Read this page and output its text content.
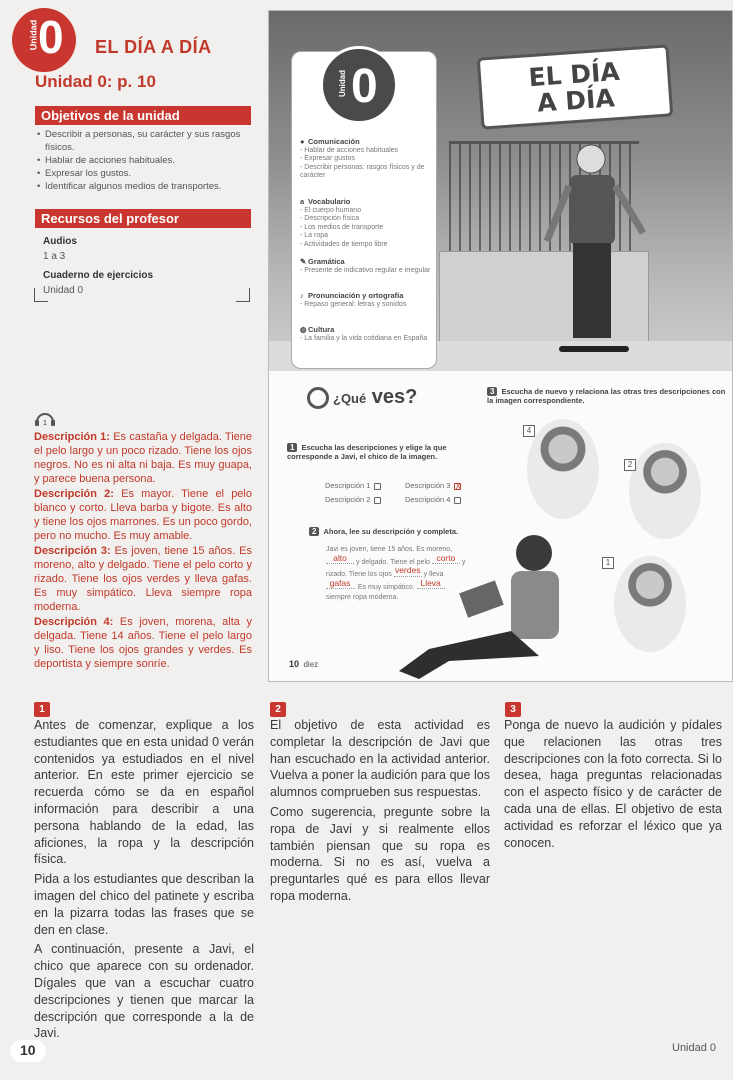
Unidad 0 EL DÍA A DÍA
Unidad 0: p. 10
Objetivos de la unidad
• Describir a personas, su carácter y sus rasgos físicos.
• Hablar de acciones habituales.
• Expresar los gustos.
• Identificar algunos medios de transportes.
Recursos del profesor
Audios
1 a 3
Cuaderno de ejercicios
Unidad 0
1

Descripción 1: Es castaña y delgada. Tiene el pelo largo y un poco rizado. Tiene los ojos negros. No es ni alta ni baja. Es muy guapa, y parece buena persona.

Descripción 2: Es mayor. Tiene el pelo blanco y corto. Lleva barba y bigote. Es alto y tiene los ojos marrones. Es un poco gordo, pero no mucho. Es muy amable.

Descripción 3: Es joven, tiene 15 años. Es moreno, alto y delgado. Tiene el pelo corto y rizado. Tiene los ojos verdes y lleva gafas. Es muy simpático. Lleva siempre ropa moderna.

Descripción 4: Es joven, morena, alta y delgada. Tiene 14 años. Tiene el pelo largo y liso. Tiene los ojos grandes y verdes. Es deportista y siempre sonríe.

EL DÍA
A DÍA
Unidad 0
● Comunicación
- Hablar de acciones habituales
- Expresar gustos
- Describir personas: rasgos físicos y de carácter
a Vocabulario
- El cuerpo humano
- Descripción física
- Los medios de transporte
- La ropa
- Actividades de tiempo libre
✎ Gramática
- Presente de indicativo regular e irregular
♪ Pronunciación y ortografía
- Repaso general: letras y sonidos
◍Cultura
- La familia y la vida cotidiana en España
¿Qué ves?
1 Escucha las descripciones y elige la que corresponde a Javi, el chico de la imagen.
Descripción 1	Descripción 3 X
Descripción 2	Descripción 4
2 Ahora, lee su descripción y completa.
Javi es joven, tiene 15 años. Es moreno, alto y delgado. Tiene el pelo corto y rizado. Tiene los ojos verdes y lleva gafas . Es muy simpático. Lleva siempre ropa moderna.
3 Escucha de nuevo y relaciona las otras tres descripciones con la imagen correspondiente.
4
2
1
10 diez
1

Antes de comenzar, explique a los estudiantes que en esta unidad 0 verán contenidos ya estudiados en el nivel anterior. En este primer ejercicio se recuerda cómo se da en español información para describir a una persona hablando de la edad, las aficiones, la ropa y la descripción física.

Pida a los estudiantes que describan la imagen del chico del patinete y escriba en la pizarra todas las frases que se den en clase.

A continuación, presente a Javi, el chico que aparece con su ordenador. Dígales que van a escuchar cuatro descripciones y tienen que marcar la descripción que corresponde a la de Javi.

2

El objetivo de esta actividad es completar la descripción de Javi que han escuchado en la actividad anterior. Vuelva a poner la audición para que los alumnos comprueben sus respuestas.

Como sugerencia, pregunte sobre la ropa de Javi y si realmente ellos también piensan que su ropa es moderna. Si no es así, vuelva a preguntarles qué es para ellos llevar ropa moderna.

3

Ponga de nuevo la audición y pídales que relacionen las otras tres descripciones con la foto correcta. Si lo desea, haga preguntas relacionadas con el aspecto físico y de carácter de cada una de ellas. El objetivo de esta actividad es reforzar el léxico que ya conocen.

10	Unidad 0
